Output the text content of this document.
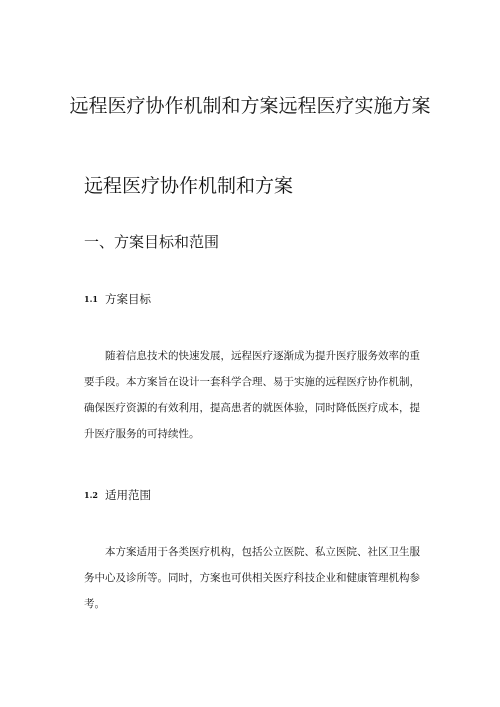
远程医疗协作机制和方案远程医疗实施方案
远程医疗协作机制和方案
一、方案目标和范围
1.1 方案目标

随着信息技术的快速发展，远程医疗逐渐成为提升医疗服务效率的重要手段。本方案旨在设计一套科学合理、易于实施的远程医疗协作机制，确保医疗资源的有效利用，提高患者的就医体验，同时降低医疗成本，提升医疗服务的可持续性。

1.2 适用范围

本方案适用于各类医疗机构，包括公立医院、私立医院、社区卫生服务中心及诊所等。同时，方案也可供相关医疗科技企业和健康管理机构参考。
